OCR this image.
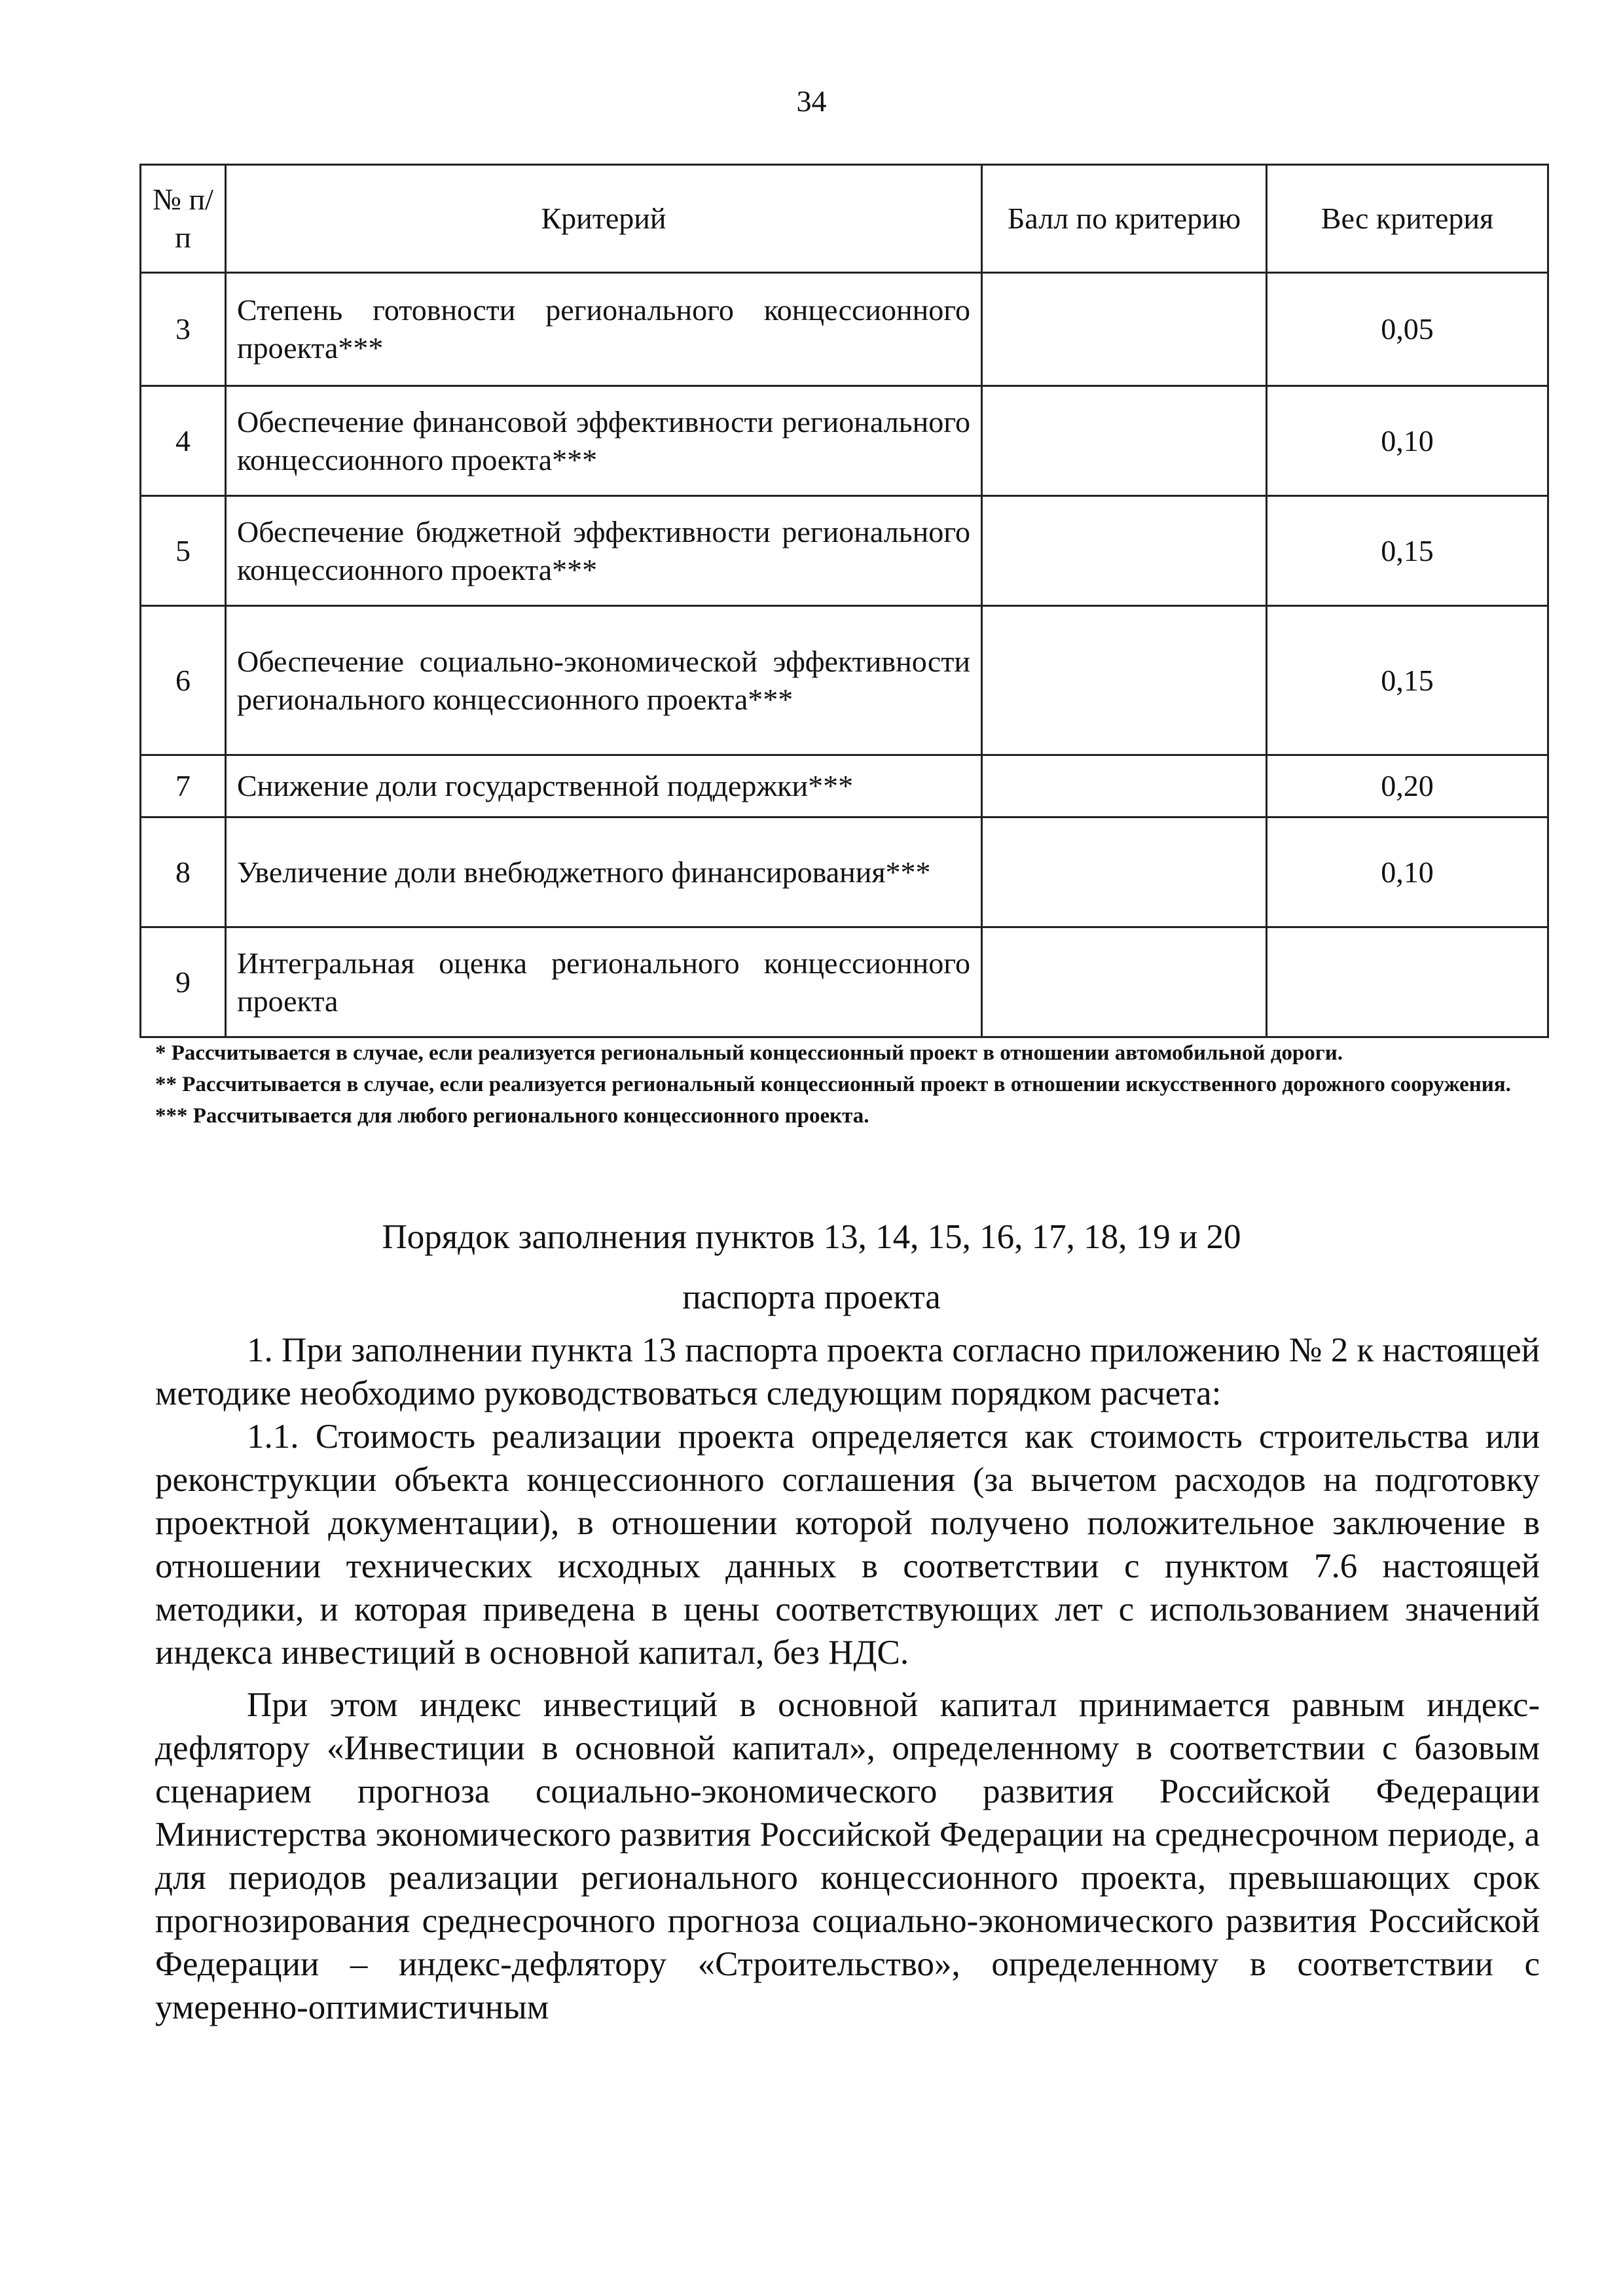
34
№ п/п	Критерий	Балл по критерию	Вес критерия
3	Степень готовности регионального концессионного проекта***		0,05
4	Обеспечение финансовой эффективности регионального концессионного проекта***		0,10
5	Обеспечение бюджетной эффективности регионального концессионного проекта***		0,15
6	Обеспечение социально-экономической эффективности регионального концессионного проекта***		0,15
7	Снижение доли государственной поддержки***		0,20
8	Увеличение доли внебюджетного финансирования***		0,10
9	Интегральная оценка регионального концессионного проекта		

* Рассчитывается в случае, если реализуется региональный концессионный проект в отношении автомобильной дороги.

** Рассчитывается в случае, если реализуется региональный концессионный проект в отношении искусственного дорожного сооружения.

*** Рассчитывается для любого регионального концессионного проекта.

Порядок заполнения пунктов 13, 14, 15, 16, 17, 18, 19 и 20
паспорта проекта

1. При заполнении пункта 13 паспорта проекта согласно приложению № 2 к настоящей методике необходимо руководствоваться следующим порядком расчета:

1.1. Стоимость реализации проекта определяется как стоимость строительства или реконструкции объекта концессионного соглашения (за вычетом расходов на подготовку проектной документации), в отношении которой получено положительное заключение в отношении технических исходных данных в соответствии с пунктом 7.6 настоящей методики, и которая приведена в цены соответствующих лет с использованием значений индекса инвестиций в основной капитал, без НДС.

При этом индекс инвестиций в основной капитал принимается равным индекс-дефлятору «Инвестиции в основной капитал», определенному в соответствии с базовым сценарием прогноза социально-экономического развития Российской Федерации Министерства экономического развития Российской Федерации на среднесрочном периоде, а для периодов реализации регионального концессионного проекта, превышающих срок прогнозирования среднесрочного прогноза социально-экономического развития Российской Федерации – индекс-дефлятору «Строительство», определенному в соответствии с умеренно-оптимистичным
